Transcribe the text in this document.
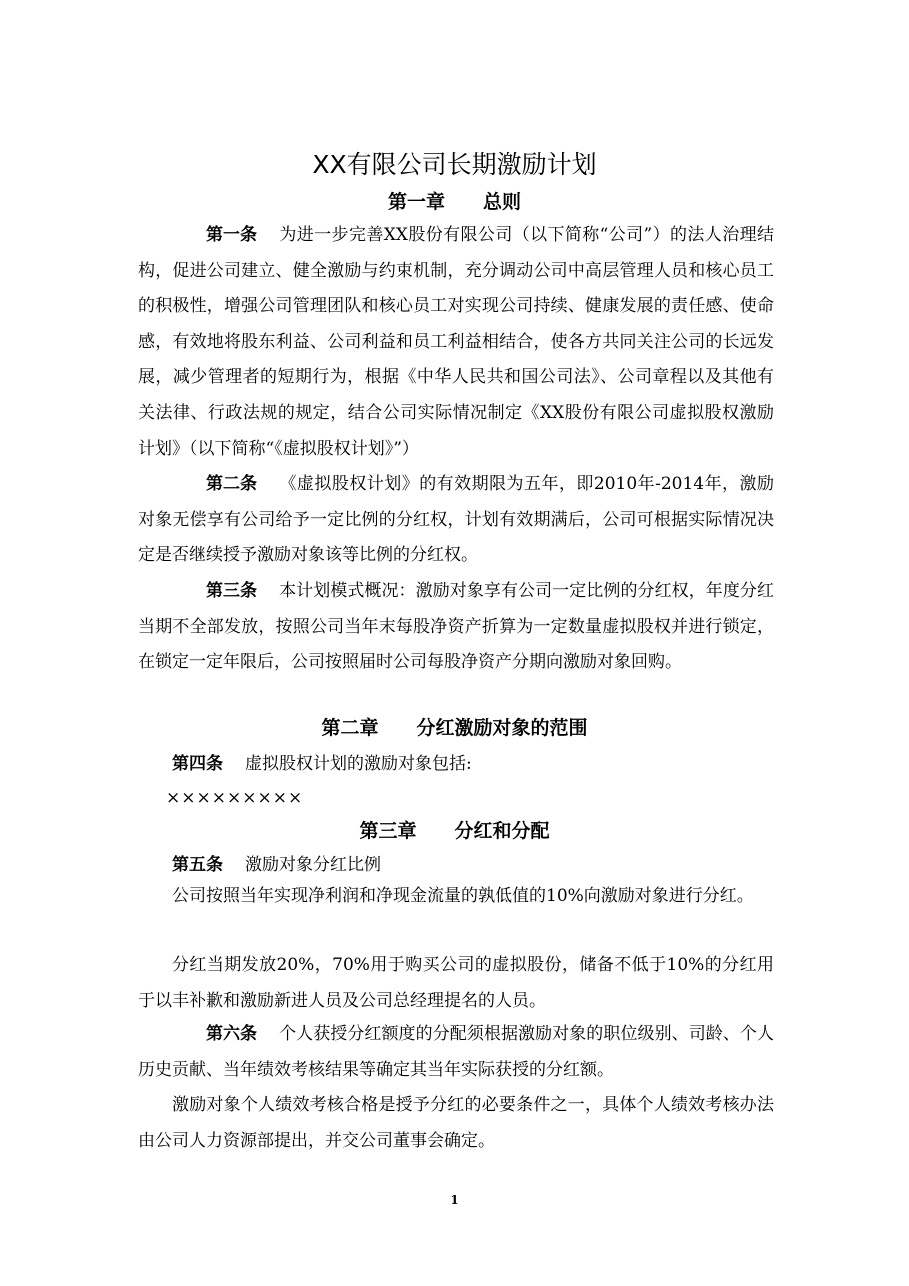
XX有限公司长期激励计划
第一章 总则

第一条 为进一步完善XX股份有限公司（以下简称“公司”）的法人治理结构，促进公司建立、健全激励与约束机制，充分调动公司中高层管理人员和核心员工的积极性，增强公司管理团队和核心员工对实现公司持续、健康发展的责任感、使命感，有效地将股东利益、公司利益和员工利益相结合，使各方共同关注公司的长远发展，减少管理者的短期行为，根据《中华人民共和国公司法》、公司章程以及其他有关法律、行政法规的规定，结合公司实际情况制定《XX股份有限公司虚拟股权激励计划》（以下简称“《虚拟股权计划》”）

第二条 《虚拟股权计划》的有效期限为五年，即2010年-2014年，激励对象无偿享有公司给予一定比例的分红权，计划有效期满后，公司可根据实际情况决定是否继续授予激励对象该等比例的分红权。

第三条 本计划模式概况：激励对象享有公司一定比例的分红权，年度分红当期不全部发放，按照公司当年末每股净资产折算为一定数量虚拟股权并进行锁定，在锁定一定年限后，公司按照届时公司每股净资产分期向激励对象回购。

第二章 分红激励对象的范围
第四条 虚拟股权计划的激励对象包括:
×××××××××
第三章 分红和分配
第五条 激励对象分红比例

公司按照当年实现净利润和净现金流量的孰低值的10%向激励对象进行分红。

分红当期发放20%，70%用于购买公司的虚拟股份，储备不低于10%的分红用于以丰补歉和激励新进人员及公司总经理提名的人员。

第六条 个人获授分红额度的分配须根据激励对象的职位级别、司龄、个人历史贡献、当年绩效考核结果等确定其当年实际获授的分红额。

激励对象个人绩效考核合格是授予分红的必要条件之一，具体个人绩效考核办法由公司人力资源部提出，并交公司董事会确定。

1
